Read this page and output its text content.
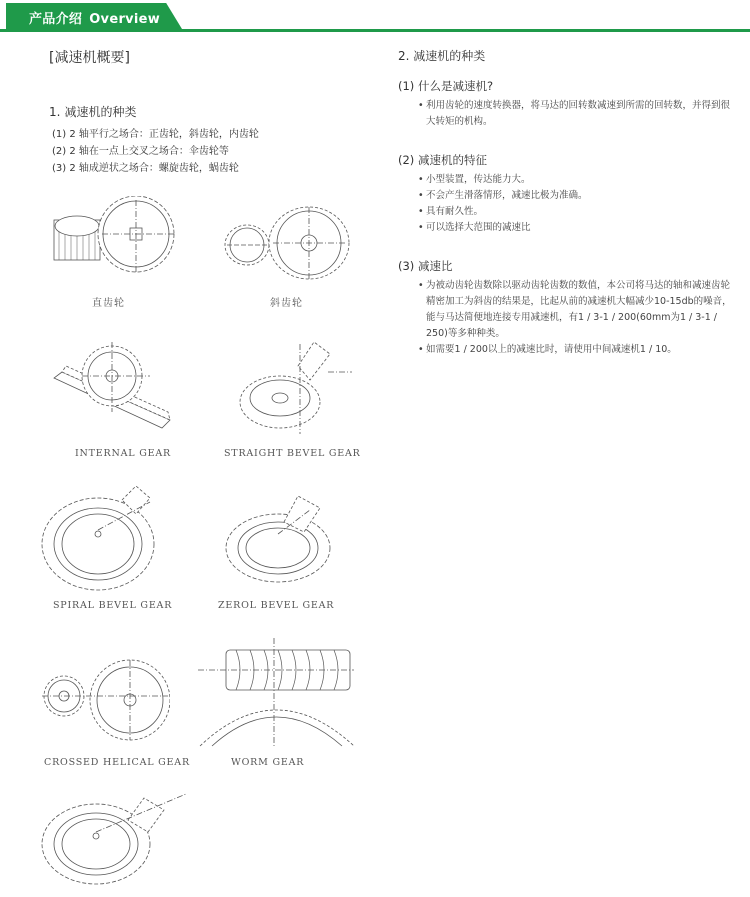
产品介绍 Overview
[减速机概要]
1. 减速机的种类
(1) 2 轴平行之场合：正齿轮，斜齿轮，内齿轮
(2) 2 轴在一点上交叉之场合：伞齿轮等
(3) 2 轴成逆状之场合：螺旋齿轮，蜗齿轮
直齿轮	斜齿轮
INTERNAL GEAR	STRAIGHT BEVEL GEAR
SPIRAL BEVEL GEAR	ZEROL BEVEL GEAR
CROSSED HELICAL GEAR	WORM GEAR
2. 减速机的种类
(1) 什么是减速机?
• 利用齿轮的速度转换器，将马达的回转数减速到所需的回转数，并得到很大转矩的机构。
(2) 减速机的特征
• 小型装置，传达能力大。
• 不会产生滑落情形，减速比极为准确。
• 具有耐久性。
• 可以选择大范围的减速比
(3) 减速比
• 为被动齿轮齿数除以驱动齿轮齿数的数值，本公司将马达的轴和减速齿轮精密加工为斜齿的结果是，比起从前的减速机大幅减少10-15db的噪音，能与马达简便地连接专用减速机，有1 / 3-1 / 200(60mm为1 / 3-1 / 250)等多种种类。
• 如需要1 / 200以上的减速比时，请使用中间减速机1 / 10。
